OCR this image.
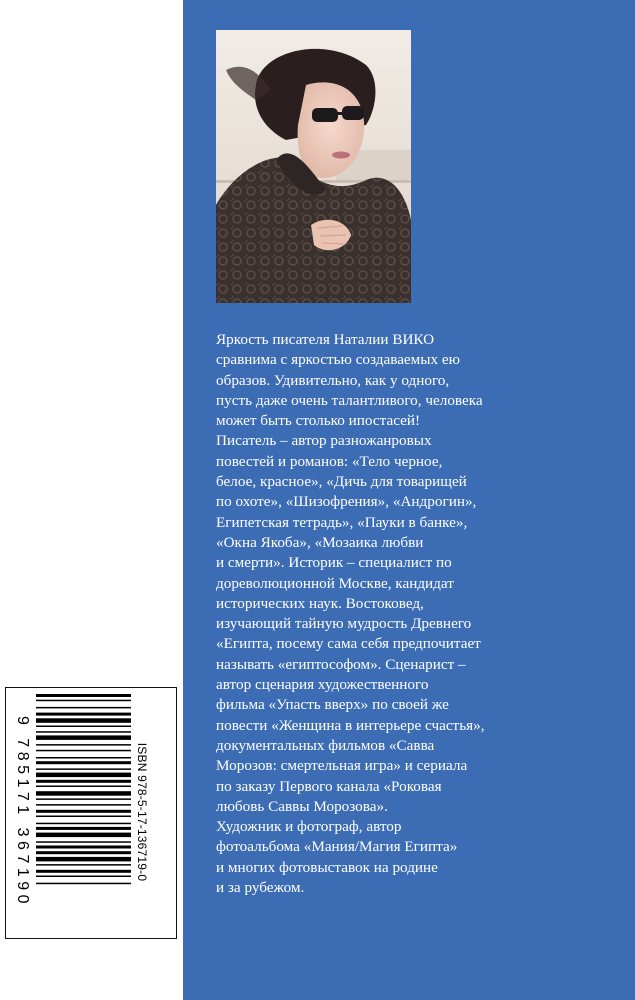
Яркость писателя Наталии ВИКО
сравнима с яркостью создаваемых ею
образов. Удивительно, как у одного,
пусть даже очень талантливого, человека
может быть столько ипостасей!
Писатель – автор разножанровых
повестей и романов: «Тело черное,
белое, красное», «Дичь для товарищей
по охоте», «Шизофрения», «Андрогин»,
Египетская тетрадь», «Пауки в банке»,
«Окна Якоба», «Мозаика любви
и смерти». Историк – специалист по
дореволюционной Москве, кандидат
исторических наук. Востоковед,
изучающий тайную мудрость Древнего
«Египта, посему сама себя предпочитает
называть «египтософом». Сценарист –
автор сценария художественного
фильма «Упасть вверх» по своей же
повести «Женщина в интерьере счастья»,
документальных фильмов «Савва
Морозов: смертельная игра» и сериала
по заказу Первого канала «Роковая
любовь Саввы Морозова».
Художник и фотограф, автор
фотоальбома «Мания/Магия Египта»
и многих фотовыставок на родине
и за рубежом.
ISBN 978-5-17-136719-0
9 785171 367190
